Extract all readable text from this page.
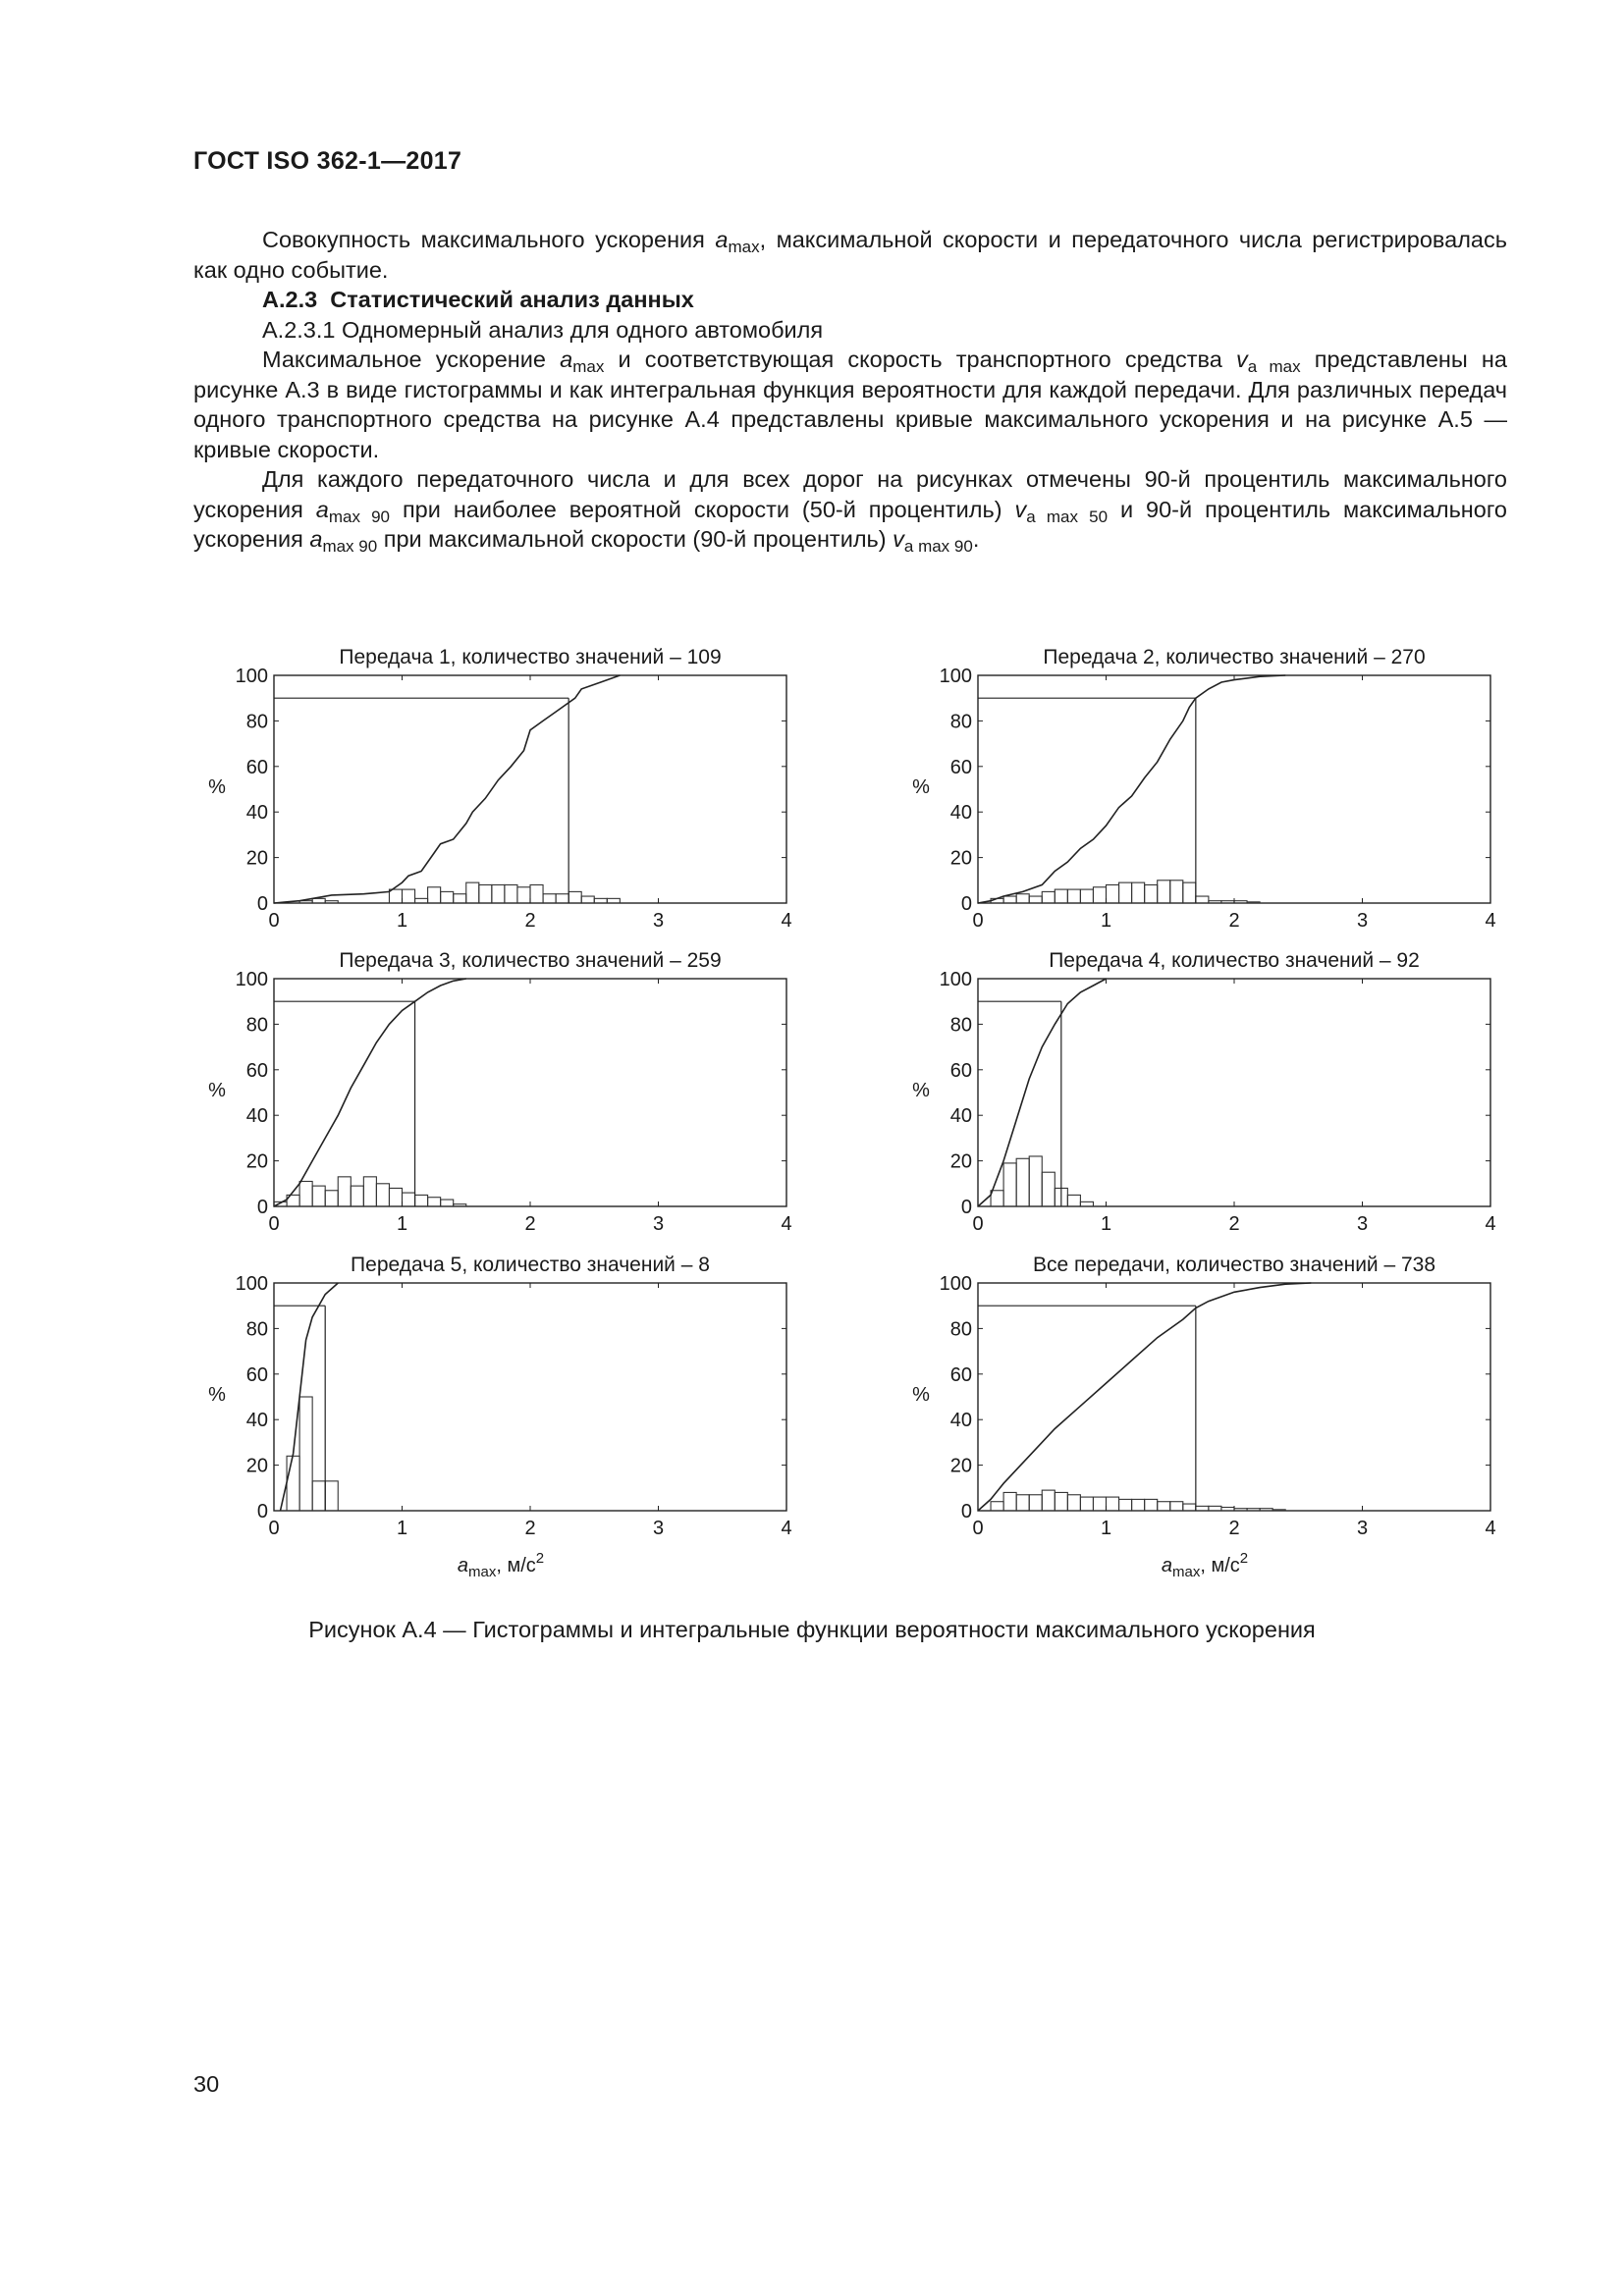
ГОСТ ISO 362-1—2017

Совокупность максимального ускорения $a_{max}$, максимальной скорости и передаточного числа регистрировалась как одно событие.

А.2.3 Статистический анализ данных

А.2.3.1 Одномерный анализ для одного автомобиля

Максимальное ускорение $a_{max}$ и соответствующая скорость транспортного средства $v_{a max}$ представлены на рисунке А.3 в виде гистограммы и как интегральная функция вероятности для каждой передачи. Для различных передач одного транспортного средства на рисунке А.4 представлены кривые максимального ускорения и на рисунке А.5 — кривые скорости.

Для каждого передаточного числа и для всех дорог на рисунках отмечены 90-й процентиль максимального ускорения $a_{max 90}$ при наиболее вероятной скорости (50-й процентиль) $v_{a max 50}$ и 90-й процентиль максимального ускорения $a_{max 90}$ при максимальной скорости (90-й процентиль) $v_{a max 90}$.

Передача 1, количество значений – 109
0
20
40
60
80
100
0	1	2	3	4
%
Передача 2, количество значений – 270
0
20
40
60
80
100
0	1	2	3	4
%
Передача 3, количество значений – 259
0
20
40
60
80
100
0	1	2	3	4
%
Передача 4, количество значений – 92
0
20
40
60
80
100
0	1	2	3	4
%
Передача 5, количество значений – 8
0
20
40
60
80
100
0	1	2	3	4
%
$a_{max}$, $м/с^2$
Все передачи, количество значений – 738
0
20
40
60
80
100
0	1	2	3	4
%
$a_{max}$, $м/с^2$
Рисунок А.4 — Гистограммы и интегральные функции вероятности максимального ускорения
30
